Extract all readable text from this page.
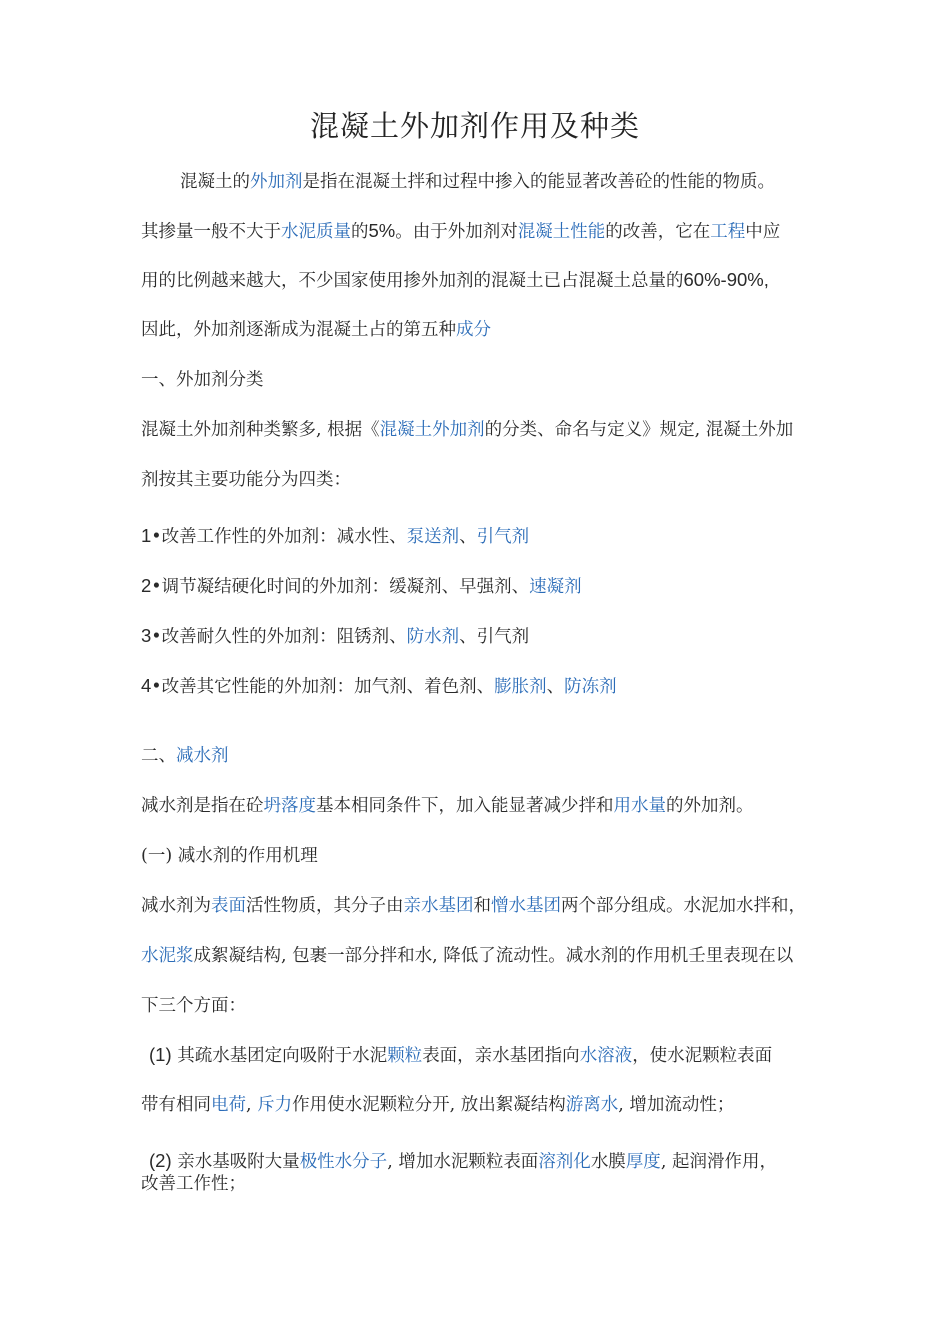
混凝土外加剂作用及种类
混凝土的外加剂是指在混凝土拌和过程中掺入的能显著改善砼的性能的物质。
其掺量一般不大于水泥质量的5%。由于外加剂对混凝土性能的改善，它在工程中应
用的比例越来越大，不少国家使用掺外加剂的混凝土已占混凝土总量的60%-90%,
因此，外加剂逐渐成为混凝土占的第五种成分
一、外加剂分类
混凝土外加剂种类繁多, 根据《混凝土外加剂的分类、命名与定义》规定, 混凝土外加
剂按其主要功能分为四类：
1•改善工作性的外加剂：减水性、泵送剂、引气剂
2•调节凝结硬化时间的外加剂：缓凝剂、早强剂、速凝剂
3•改善耐久性的外加剂：阻锈剂、防水剂、引气剂
4•改善其它性能的外加剂：加气剂、着色剂、膨胀剂、防冻剂
二、减水剂
减水剂是指在砼坍落度基本相同条件下，加入能显著减少拌和用水量的外加剂。
(一) 减水剂的作用机理
减水剂为表面活性物质，其分子由亲水基团和憎水基团两个部分组成。水泥加水拌和，
水泥浆成絮凝结构, 包裹一部分拌和水, 降低了流动性。减水剂的作用机壬里表现在以
下三个方面：
(1) 其疏水基团定向吸附于水泥颗粒表面，亲水基团指向水溶液，使水泥颗粒表面
带有相同电荷, 斥力作用使水泥颗粒分开, 放出絮凝结构游离水, 增加流动性；
(2) 亲水基吸附大量极性水分子, 增加水泥颗粒表面溶剂化水膜厚度, 起润滑作用，
改善工作性；
